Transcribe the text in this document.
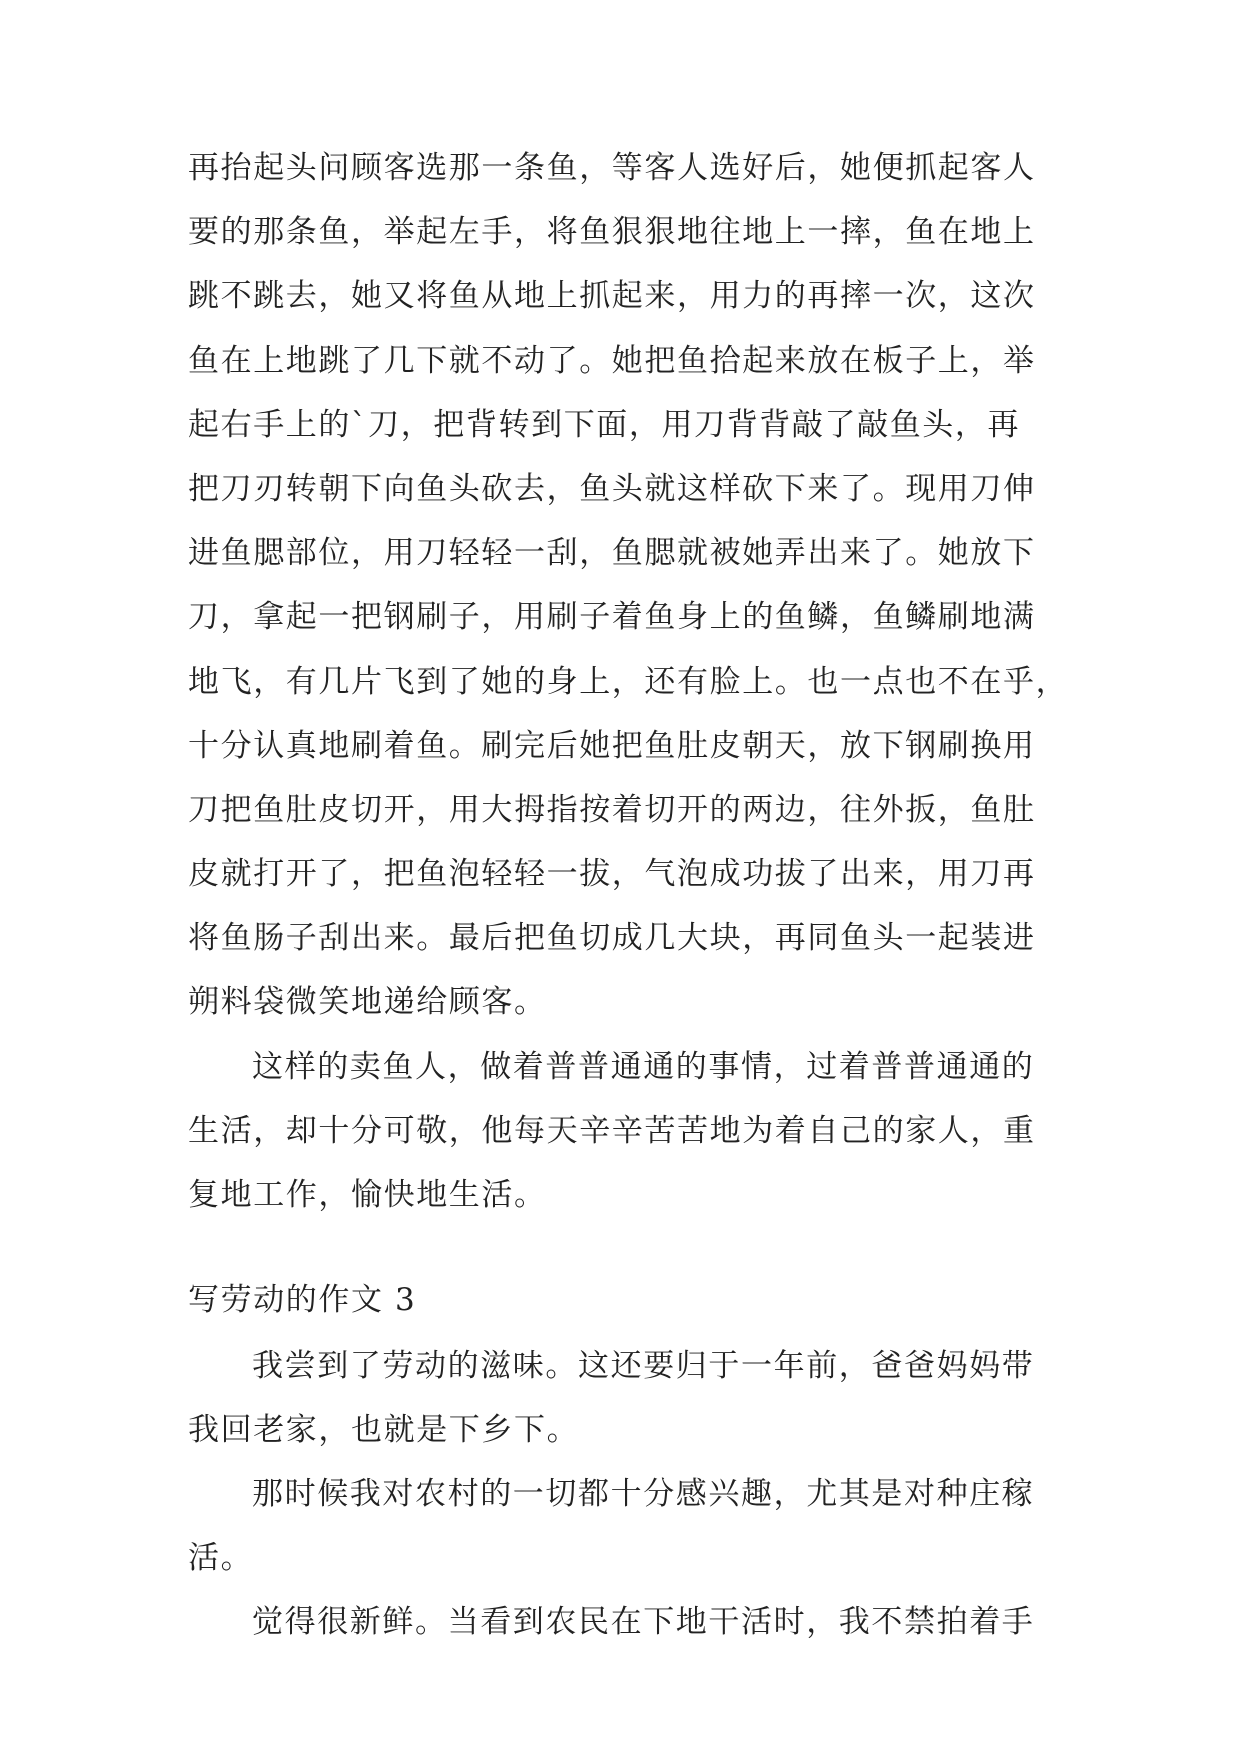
再抬起头问顾客选那一条鱼，等客人选好后，她便抓起客人
要的那条鱼，举起左手，将鱼狠狠地往地上一摔，鱼在地上
跳不跳去，她又将鱼从地上抓起来，用力的再摔一次，这次
鱼在上地跳了几下就不动了。她把鱼拾起来放在板子上，举
起右手上的`刀，把背转到下面，用刀背背敲了敲鱼头，再
把刀刃转朝下向鱼头砍去，鱼头就这样砍下来了。现用刀伸
进鱼腮部位，用刀轻轻一刮，鱼腮就被她弄出来了。她放下
刀，拿起一把钢刷子，用刷子着鱼身上的鱼鳞，鱼鳞刷地满
地飞，有几片飞到了她的身上，还有脸上。也一点也不在乎，
十分认真地刷着鱼。刷完后她把鱼肚皮朝天，放下钢刷换用
刀把鱼肚皮切开，用大拇指按着切开的两边，往外扳，鱼肚
皮就打开了，把鱼泡轻轻一拔，气泡成功拔了出来，用刀再
将鱼肠子刮出来。最后把鱼切成几大块，再同鱼头一起装进
朔料袋微笑地递给顾客。
这样的卖鱼人，做着普普通通的事情，过着普普通通的
生活，却十分可敬，他每天辛辛苦苦地为着自己的家人，重
复地工作，愉快地生活。
写劳动的作文 3
我尝到了劳动的滋味。这还要归于一年前，爸爸妈妈带
我回老家，也就是下乡下。
那时候我对农村的一切都十分感兴趣，尤其是对种庄稼
活。
觉得很新鲜。当看到农民在下地干活时，我不禁拍着手
